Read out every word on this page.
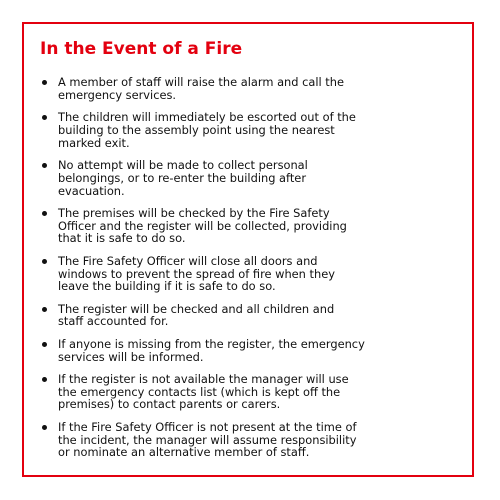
In the Event of a Fire
A member of staff will raise the alarm and call the
emergency services.
The children will immediately be escorted out of the
building to the assembly point using the nearest
marked exit.
No attempt will be made to collect personal
belongings, or to re-enter the building after
evacuation.
The premises will be checked by the Fire Safety
Officer and the register will be collected, providing
that it is safe to do so.
The Fire Safety Officer will close all doors and
windows to prevent the spread of fire when they
leave the building if it is safe to do so.
The register will be checked and all children and
staff accounted for.
If anyone is missing from the register, the emergency
services will be informed.
If the register is not available the manager will use
the emergency contacts list (which is kept off the
premises) to contact parents or carers.
If the Fire Safety Officer is not present at the time of
the incident, the manager will assume responsibility
or nominate an alternative member of staff.
